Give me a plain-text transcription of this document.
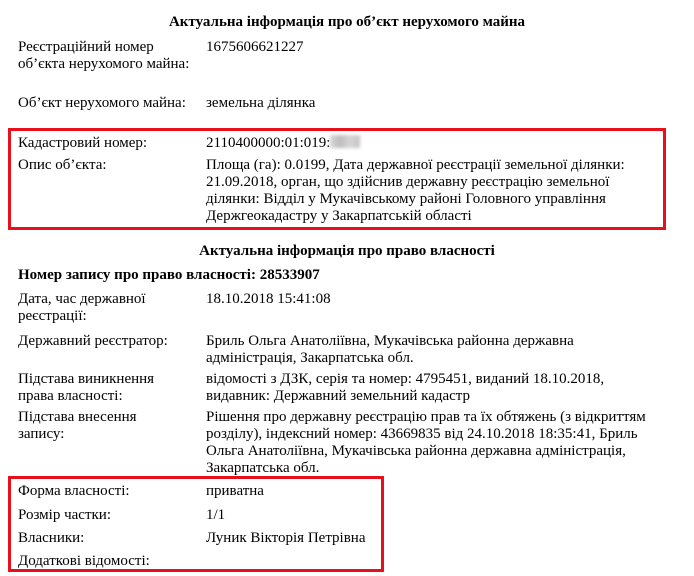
Актуальна інформація про об’єкт нерухомого майна
Реєстраційний номер об’єкта нерухомого майна:
1675606621227
Об’єкт нерухомого майна:	земельна ділянка
Кадастровий номер:	2110400000:01:019:
Опис об’єкта:	Площа (га): 0.0199, Дата державної реєстрації земельної ділянки: 21.09.2018, орган, що здійснив державну реєстрацію земельної ділянки: Відділ у Мукачівському районі Головного управління Держгеокадастру у Закарпатській області
Актуальна інформація про право власності
Номер запису про право власності: 28533907
Дата, час державної реєстрації:
18.10.2018 15:41:08
Державний реєстратор:	Бриль Ольга Анатоліївна, Мукачівська районна державна адміністрація, Закарпатська обл.
Підстава виникнення права власності:
відомості з ДЗК, серія та номер: 4795451, виданий 18.10.2018, видавник: Державний земельний кадастр
Підстава внесення запису:
Рішення про державну реєстрацію прав та їх обтяжень (з відкриттям розділу), індексний номер: 43669835 від 24.10.2018 18:35:41, Бриль Ольга Анатоліївна, Мукачівська районна державна адміністрація, Закарпатська обл.
Форма власності:	приватна
Розмір частки:	1/1
Власники:	Луник Вікторія Петрівна
Додаткові відомості:
